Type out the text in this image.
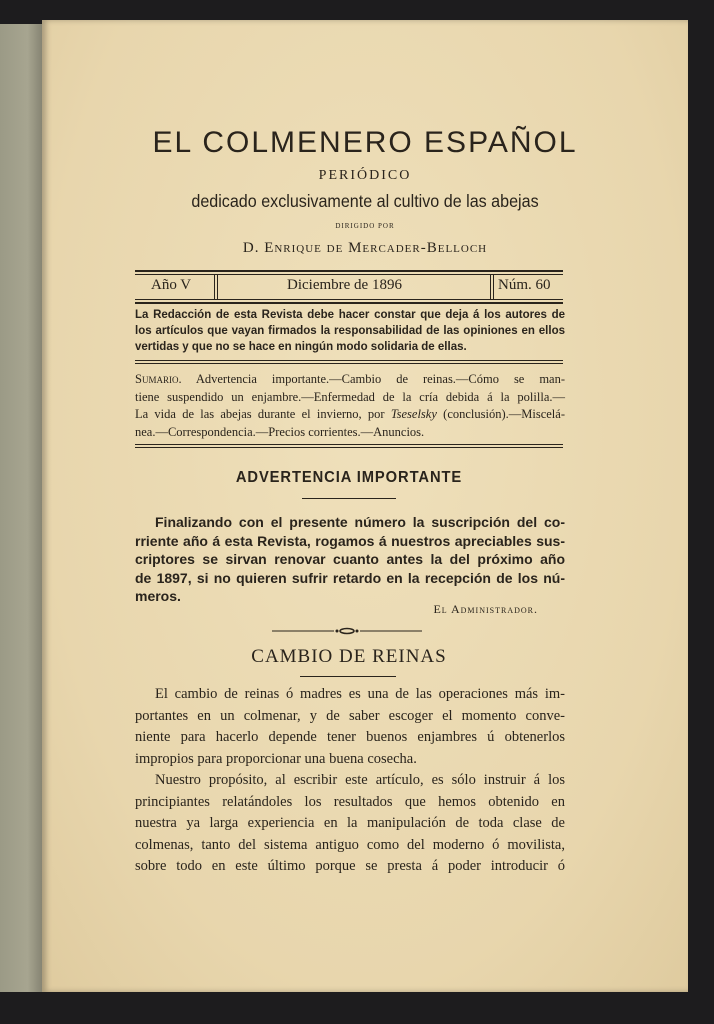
EL COLMENERO ESPAÑOL
PERIÓDICO
dedicado exclusivamente al cultivo de las abejas
DIRIGIDO POR
D. Enrique de Mercader-Belloch
Año V	Diciembre de 1896	Núm. 60
La Redacción de esta Revista debe hacer constar que deja á los autores de
los artículos que vayan firmados la responsabilidad de las opiniones en ellos
vertidas y que no se hace en ningún modo solidaria de ellas.
Sumario. Advertencia importante.—Cambio de reinas.—Cómo se man-
tiene suspendido un enjambre.—Enfermedad de la cría debida á la polilla.—
La vida de las abejas durante el invierno, por Tseselsky (conclusión).—Miscelá-
nea.—Correspondencia.—Precios corrientes.—Anuncios.
ADVERTENCIA IMPORTANTE
Finalizando con el presente número la suscripción del co-
rriente año á esta Revista, rogamos á nuestros apreciables sus-
criptores se sirvan renovar cuanto antes la del próximo año
de 1897, si no quieren sufrir retardo en la recepción de los nú-
meros.
El Administrador.
CAMBIO DE REINAS
El cambio de reinas ó madres es una de las operaciones más im-
portantes en un colmenar, y de saber escoger el momento conve-
niente para hacerlo depende tener buenos enjambres ú obtenerlos
impropios para proporcionar una buena cosecha.
Nuestro propósito, al escribir este artículo, es sólo instruir á los
principiantes relatándoles los resultados que hemos obtenido en
nuestra ya larga experiencia en la manipulación de toda clase de
colmenas, tanto del sistema antiguo como del moderno ó movilista,
sobre todo en este último porque se presta á poder introducir ó
